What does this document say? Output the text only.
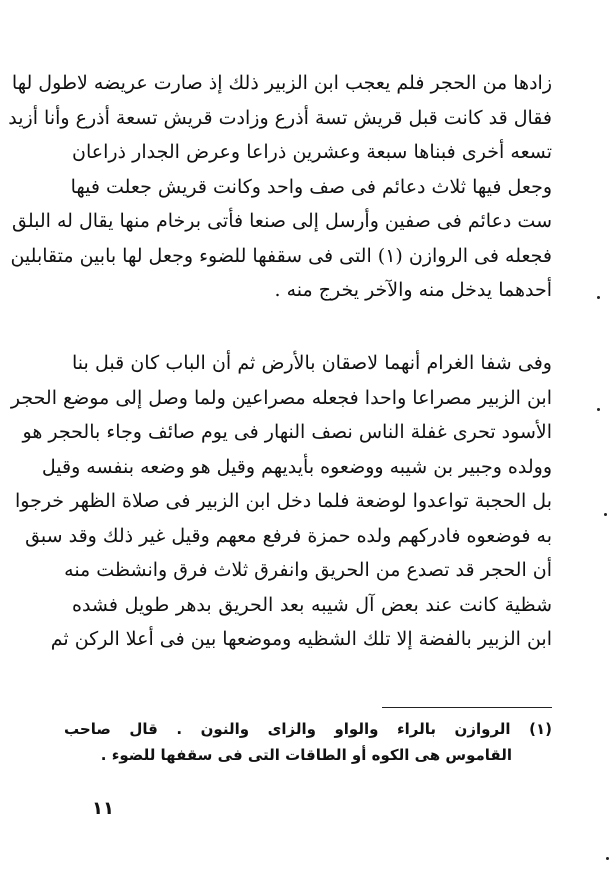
زادها من الحجر فلم يعجب ابن الزبير ذلك إذ صارت عريضه لاطول لها
فقال قد كانت قبل قريش تسة أذرع وزادت قريش تسعة أذرع وأنا أزيد
تسعه أخرى فبناها سبعة وعشرين ذراعا وعرض الجدار ذراعان
وجعل فيها ثلاث دعائم فى صف واحد وكانت قريش جعلت فيها
ست دعائم فى صفين وأرسل إلى صنعا فأتى برخام منها يقال له البلق
فجعله فى الروازن (١) التى فى سقفها للضوء وجعل لها بابين متقابلين
أحدهما يدخل منه والآخر يخرج منه .
وفى شفا الغرام أنهما لاصقان بالأرض ثم أن الباب كان قبل بنا
ابن الزبير مصراعا واحدا فجعله مصراعين ولما وصل إلى موضع الحجر
الأسود تحرى غفلة الناس نصف النهار فى يوم صائف وجاء بالحجر هو
وولده وجبير بن شيبه ووضعوه بأيديهم وقيل هو وضعه بنفسه وقيل
بل الحجبة تواعدوا لوضعة فلما دخل ابن الزبير فى صلاة الظهر خرجوا
به فوضعوه فادركهم ولده حمزة فرفع معهم وقيل غير ذلك وقد سبق
أن الحجر قد تصدع من الحريق وانفرق ثلاث فرق وانشظت منه
شظية كانت عند بعض آل شيبه بعد الحريق بدهر طويل فشده
ابن الزبير بالفضة إلا تلك الشظيه وموضعها بين فى أعلا الركن ثم
(١) الروازن بالراء والواو والزاى والنون . قال صاحب
القاموس هى الكوه أو الطاقات التى فى سقفها للضوء .
١١
